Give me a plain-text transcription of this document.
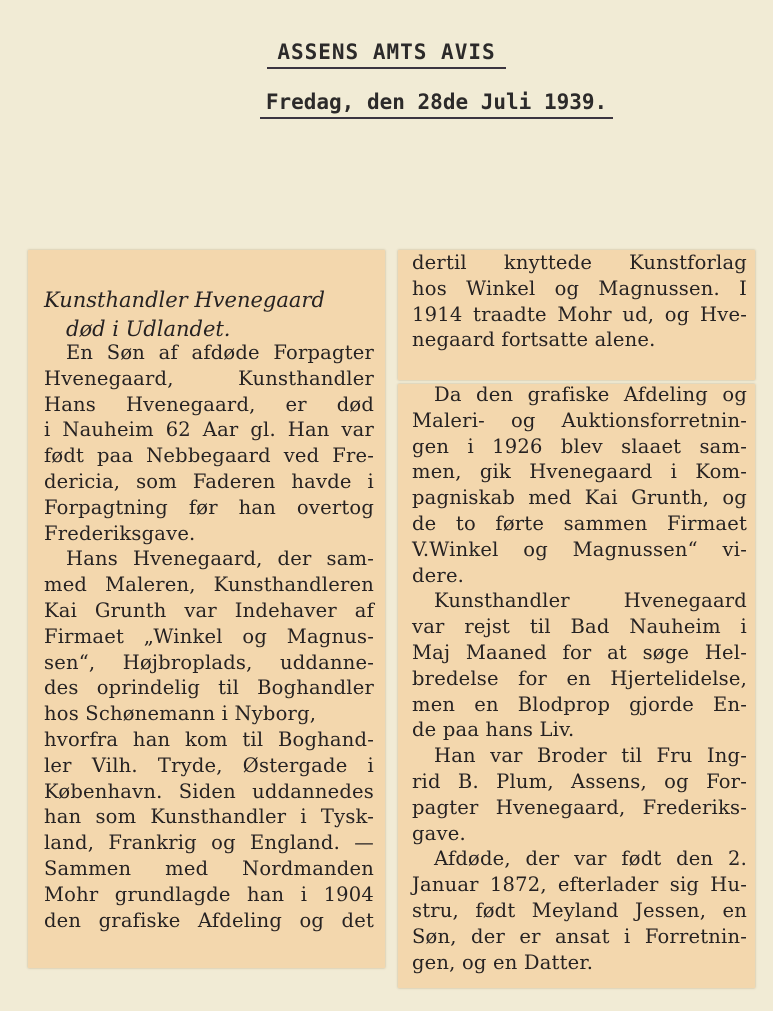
ASSENS AMTS AVIS
Fredag, den 28de Juli 1939.
Kunsthandler Hvenegaard
død i Udlandet.
En Søn af afdøde Forpagter
Hvenegaard, Kunsthandler
Hans Hvenegaard, er død
i Nauheim 62 Aar gl. Han var
født paa Nebbegaard ved Fre-
dericia, som Faderen havde i
Forpagtning før han overtog
Frederiksgave.
Hans Hvenegaard, der sam-
med Maleren, Kunsthandleren
Kai Grunth var Indehaver af
Firmaet „Winkel og Magnus-
sen“, Højbroplads, uddanne-
des oprindelig til Boghandler
hos Schønemann i Nyborg,
hvorfra han kom til Boghand-
ler Vilh. Tryde, Østergade i
København. Siden uddannedes
han som Kunsthandler i Tysk-
land, Frankrig og England. —
Sammen med Nordmanden
Mohr grundlagde han i 1904
den grafiske Afdeling og det
dertil knyttede Kunstforlag
hos Winkel og Magnussen. I
1914 traadte Mohr ud, og Hve-
negaard fortsatte alene.
Da den grafiske Afdeling og
Maleri- og Auktionsforretnin-
gen i 1926 blev slaaet sam-
men, gik Hvenegaard i Kom-
pagniskab med Kai Grunth, og
de to førte sammen Firmaet
V.Winkel og Magnussen“ vi-
dere.
Kunsthandler Hvenegaard
var rejst til Bad Nauheim i
Maj Maaned for at søge Hel-
bredelse for en Hjertelidelse,
men en Blodprop gjorde En-
de paa hans Liv.
Han var Broder til Fru Ing-
rid B. Plum, Assens, og For-
pagter Hvenegaard, Frederiks-
gave.
Afdøde, der var født den 2.
Januar 1872, efterlader sig Hu-
stru, født Meyland Jessen, en
Søn, der er ansat i Forretnin-
gen, og en Datter.
